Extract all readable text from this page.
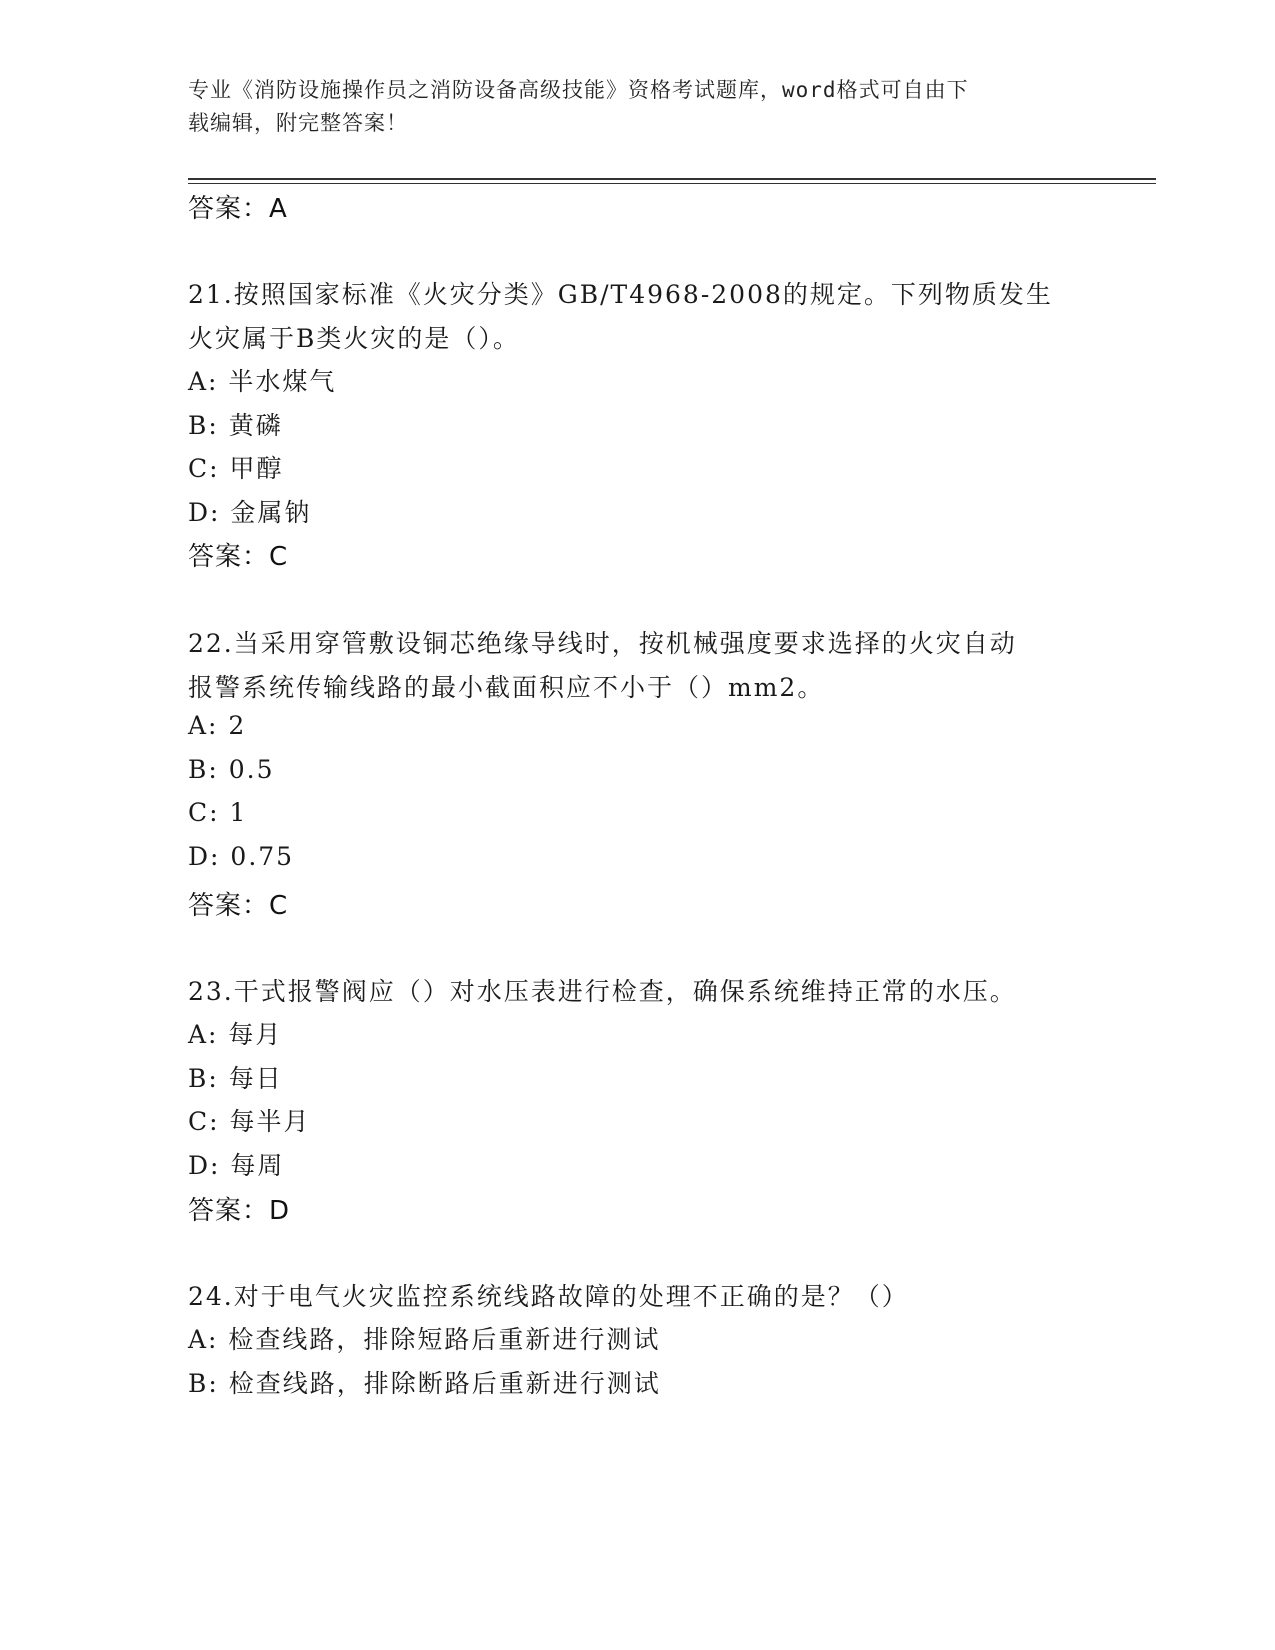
专业《消防设施操作员之消防设备高级技能》资格考试题库，word格式可自由下
载编辑，附完整答案！
答案：A
21.按照国家标准《火灾分类》GB/T4968-2008的规定。下列物质发生
火灾属于B类火灾的是（）。
A: 半水煤气
B: 黄磷
C: 甲醇
D: 金属钠
答案：C
22.当采用穿管敷设铜芯绝缘导线时，按机械强度要求选择的火灾自动
报警系统传输线路的最小截面积应不小于（）mm2。
A: 2
B: 0.5
C: 1
D: 0.75
答案：C
23.干式报警阀应（）对水压表进行检查，确保系统维持正常的水压。
A: 每月
B: 每日
C: 每半月
D: 每周
答案：D
24.对于电气火灾监控系统线路故障的处理不正确的是？（）
A: 检查线路，排除短路后重新进行测试
B: 检查线路，排除断路后重新进行测试
